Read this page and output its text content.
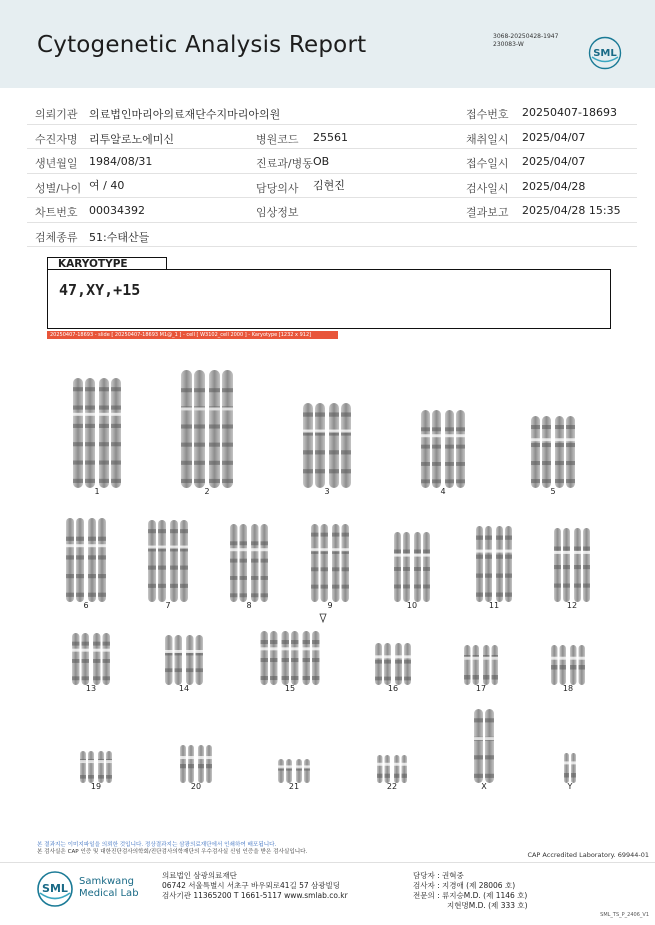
Cytogenetic Analysis Report	3068-20250428-1947
230083-W
SML
의뢰기관 의료법인마리아의료재단수지마리아의원	접수번호 20250407-18693
수진자명 리투알로노에미신	병원코드 25561	채취일시 2025/04/07
생년월일 1984/08/31	진료과/병동 OB	접수일시 2025/04/07
성별/나이 여 / 40	담당의사 김현진	검사일시 2025/04/28
차트번호 00034392	임상정보	결과보고 2025/04/28 15:35
검체종류 51:수태산들
KARYOTYPE
47,XY,+15
20250407-18693 - slide [ 20250407-18693 M1@_1 ] - cell [ W3102_cell 2000 ] - Karyotype [1232 x 912]
1	2	3	4	5
6	7	8	9	10	11	12
13	14	15	16	17	18
19	20	21	22	X	Y
본 결과지는 이미지파일을 의뢰한 것입니다. 정상결과지는 삼광의료재단에서 인쇄하여 배포됩니다.
본 검사실은 CAP 인증 및 대한진단검사의학회/진단검사의학재단의 우수검사실 신임 인증을 받은 검사실입니다.	CAP Accredited Laboratory. 69944-01
SML
Samkwang
Medical Lab
의료법인 삼광의료재단
06742 서울특별시 서초구 바우뫼로41길 57 삼광빌딩
검사기관 11365200 T 1661-5117 www.smlab.co.kr
담당자 : 권혁중
검사자 : 지경애 (제 28006 호)
전문의 : 류지승M.D. (제 1146 호)
지현명M.D. (제 333 호)
SML_TS_P_2406_V1
